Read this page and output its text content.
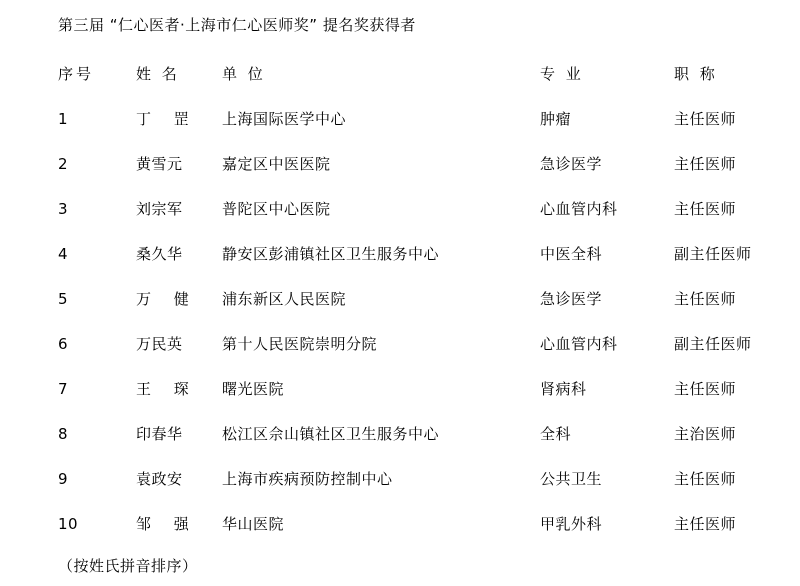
第三届 “仁心医者·上海市仁心医师奖” 提名奖获得者
序号	姓 名	单 位	专 业	职 称
1	丁 罡	上海国际医学中心	肿瘤	主任医师
2	黄雪元	嘉定区中医医院	急诊医学	主任医师
3	刘宗军	普陀区中心医院	心血管内科	主任医师
4	桑久华	静安区彭浦镇社区卫生服务中心	中医全科	副主任医师
5	万 健	浦东新区人民医院	急诊医学	主任医师
6	万民英	第十人民医院崇明分院	心血管内科	副主任医师
7	王 琛	曙光医院	肾病科	主任医师
8	印春华	松江区佘山镇社区卫生服务中心	全科	主治医师
9	袁政安	上海市疾病预防控制中心	公共卫生	主任医师
10	邹 强	华山医院	甲乳外科	主任医师
（按姓氏拼音排序）
